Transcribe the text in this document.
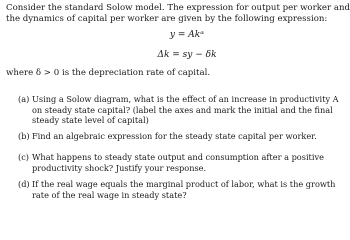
Consider the standard Solow model. The expression for output per worker and
the dynamics of capital per worker are given by the following expression:
y = Akᵅ
Δk = sy − δk
where δ > 0 is the depreciation rate of capital.
(a) Using a Solow diagram, what is the effect of an increase in productivity A
on steady state capital? (label the axes and mark the initial and the final
steady state level of capital)
(b) Find an algebraic expression for the steady state capital per worker.
(c) What happens to steady state output and consumption after a positive
productivity shock? Justify your response.
(d) If the real wage equals the marginal product of labor, what is the growth
rate of the real wage in steady state?
